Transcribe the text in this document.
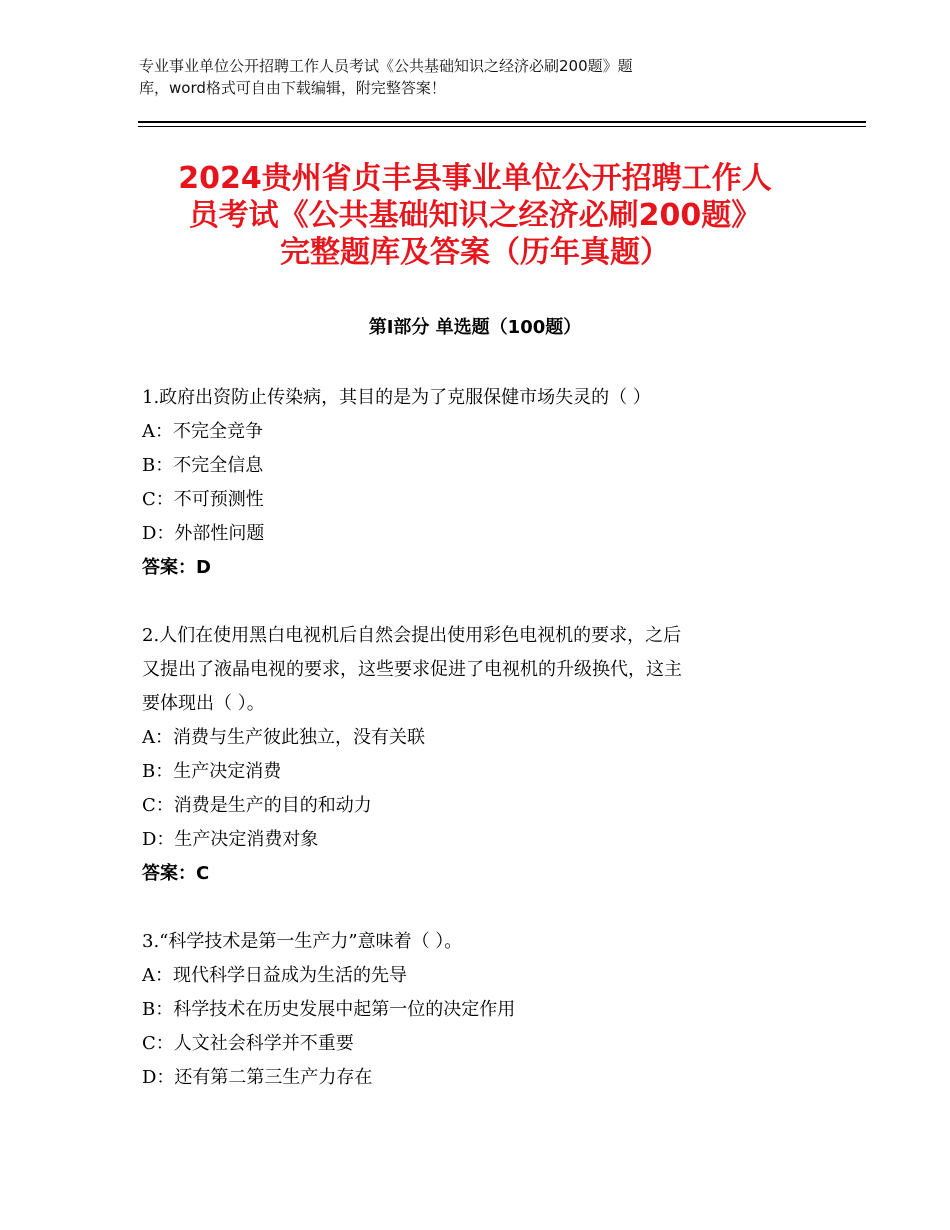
专业事业单位公开招聘工作人员考试《公共基础知识之经济必刷200题》题
库，word格式可自由下载编辑，附完整答案！
2024贵州省贞丰县事业单位公开招聘工作人
员考试《公共基础知识之经济必刷200题》
完整题库及答案（历年真题）
第Ⅰ部分 单选题（100题）

1.政府出资防止传染病，其目的是为了克服保健市场失灵的（ ）

A：不完全竞争

B：不完全信息

C：不可预测性

D：外部性问题

答案：D

2.人们在使用黑白电视机后自然会提出使用彩色电视机的要求，之后

又提出了液晶电视的要求，这些要求促进了电视机的升级换代，这主

要体现出（ ）。

A：消费与生产彼此独立，没有关联

B：生产决定消费

C：消费是生产的目的和动力

D：生产决定消费对象

答案：C

3.“科学技术是第一生产力”意味着（ ）。

A：现代科学日益成为生活的先导

B：科学技术在历史发展中起第一位的决定作用

C：人文社会科学并不重要

D：还有第二第三生产力存在
